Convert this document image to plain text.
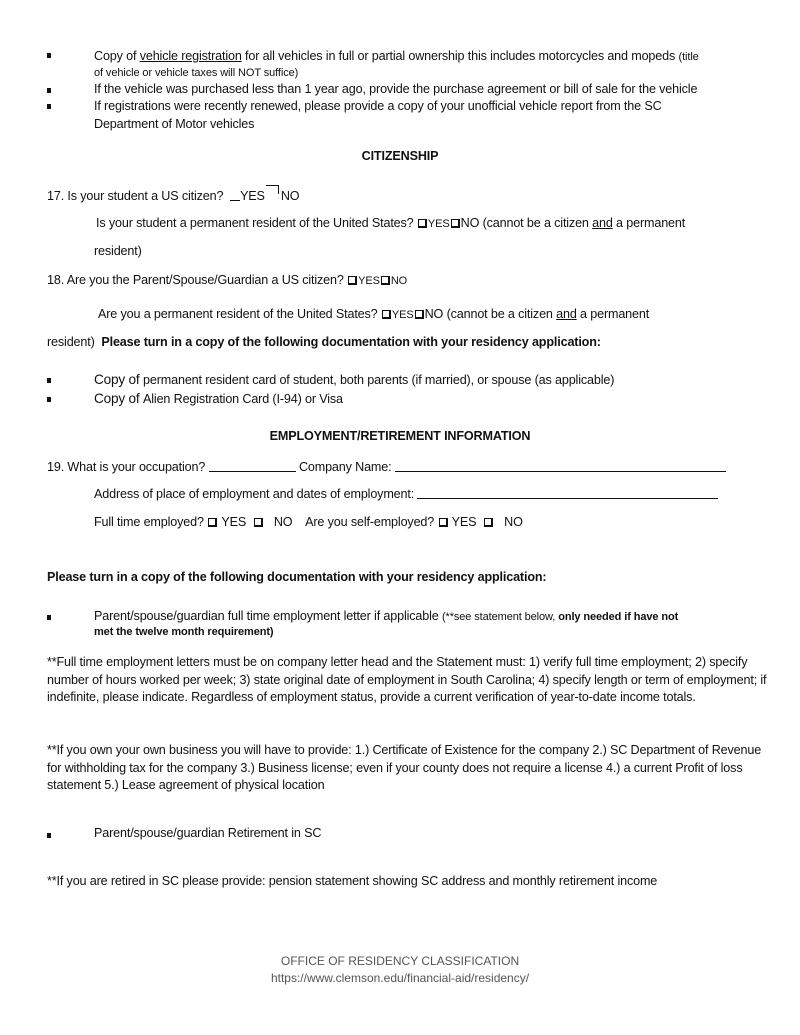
Copy of vehicle registration for all vehicles in full or partial ownership this includes motorcycles and mopeds (title
of vehicle or vehicle taxes will NOT suffice)
If the vehicle was purchased less than 1 year ago, provide the purchase agreement or bill of sale for the vehicle
If registrations were recently renewed, please provide a copy of your unofficial vehicle report from the SC
Department of Motor vehicles
CITIZENSHIP
17. Is your student a US citizen? YES NO
Is your student a permanent resident of the United States? YES NO (cannot be a citizen and a permanent
resident)
18. Are you the Parent/Spouse/Guardian a US citizen? YES NO
Are you a permanent resident of the United States? YES NO (cannot be a citizen and a permanent
resident) Please turn in a copy of the following documentation with your residency application:
Copy of permanent resident card of student, both parents (if married), or spouse (as applicable)
Copy of Alien Registration Card (I-94) or Visa
EMPLOYMENT/RETIREMENT INFORMATION
19. What is your occupation?	Company Name:
Address of place of employment and dates of employment:
Full time employed? YES NO Are you self-employed? YES NO
Please turn in a copy of the following documentation with your residency application:
Parent/spouse/guardian full time employment letter if applicable (**see statement below, only needed if have not
met the twelve month requirement)
**Full time employment letters must be on company letter head and the Statement must: 1) verify full time employment; 2) specify number of hours worked per week; 3) state original date of employment in South Carolina; 4) specify length or term of employment; if indefinite, please indicate. Regardless of employment status, provide a current verification of year-to-date income totals.
**If you own your own business you will have to provide: 1.) Certificate of Existence for the company 2.) SC Department of Revenue for withholding tax for the company 3.) Business license; even if your county does not require a license 4.) a current Profit of loss statement 5.) Lease agreement of physical location
Parent/spouse/guardian Retirement in SC
**If you are retired in SC please provide: pension statement showing SC address and monthly retirement income
OFFICE OF RESIDENCY CLASSIFICATION
https://www.clemson.edu/financial-aid/residency/
